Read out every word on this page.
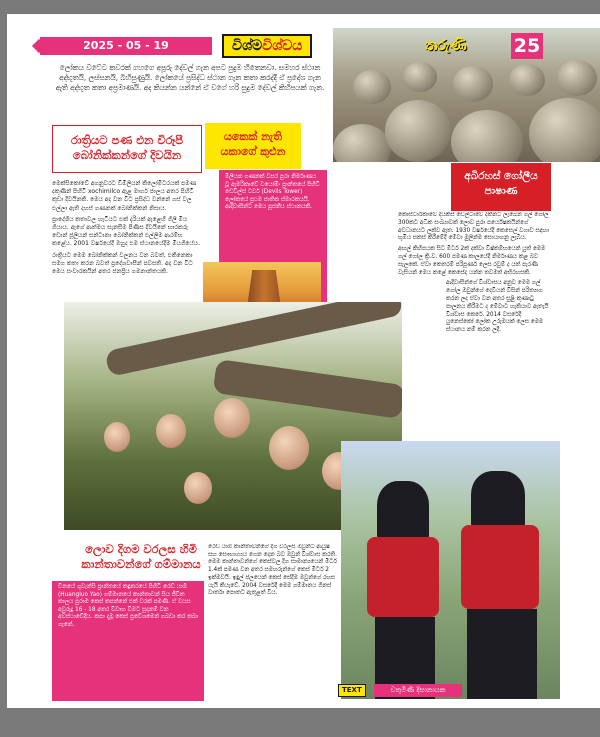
2025 - 05 - 19	විශ්මවිශ්වය	තරුණි 25
ලෝකය වටේට කවරක් ගහගෙ අපූරු දේවල් ගැන අපට පුදුම හිතෙනවා. සමහර ස්ථාන අද්භූතයි, ලස්සනයි, බිහිසුණුයි. ලෝකයේ ප්‍රසිද්ධ ස්ථාන ගැන කතා කරද්දී ඒ ප්‍රදේශ ගැන ඇති අද්භූත කතා අප්‍රමාණයි. අද කියන්න යන්නේ ඒ වගේ හරි සුදුම දේවල් කිහිපයක් ගැන.
රාත්‍රියට පණ එන විරූපී බෝනික්කන්ගේ දිවයින

මෙක්සිකෝවේ අගනුවරට ඩිමිලියන් කිලෝමීටරයක් පමණ දකුණින් පිහිටි xochimilco ඇළ මාර්ග ජාලය අතර පිහිටි කුඩා දිවයිනකි. මෙය අද වන විට ප්‍රසිද්ධ වන්නේ ගස් වල එල්ලා ඇති දහස් ගණනක් බෝනික්කන් නිසාය.

ප්‍රාදේශීය කතාවල හැටියට එක් දැරියක් ඇළෙහි ගිලී මිය ගියාය. ඇගේ ආත්මය සැනසීම පිණිස දිවයිනේ භාරකරු ඩොන් ජූලියන් සන්ටානා බෝනික්කන් එල්ලීම ආරම්භ කළේය. 2001 වර්ෂයේදී ඔහුද එම ස්ථානයේදීම මියගියේය.

රාත්‍රියට මෙම බෝනික්කන් චලනය වන බවත්, එකිනෙකා සමග කතා කරන බවත් ප්‍රදේශවාසීන් පවසති. අද වන විට මෙය සංචාරකයින් අතර ජනප්‍රිය ගමනාන්තයකි.

යකෙක් නැති යකාගේ කුළුන

මිලියන ගණනක් වසර පුරා නිර්මාණය වූ ඇමරිකාවේ වයෝමිං ප්‍රාන්තයේ පිහිටි ඩෙවිල්ස් ටවර් (Devils Tower) ලෝකයේ ප්‍රථම ජාතික ස්මාරකයයි. ආදිවාසීන්ට මෙය පූජනීය ස්ථානයකි.

අබිරහස් ගෝලීය පාෂාණ

කොස්ටාරිකාවේ දියකිස් ඩෙල්ටාවේ දක්නට ලැබෙන ගල් ගෝල 300කට අධික සංඛ්‍යාවක් ලොව පුරා පර්යේෂකයින්ගේ අවධානයට ලක්ව ඇත. 1930 වර්ෂයේදී කෙසෙල් වගාව සඳහා භූමිය සකස් කිරීමේදී මේවා මුලින්ම සොයාගනු ලැබීය.

අඟල් කිහිපයක සිට මීටර් 2ක් දක්වා විෂ්කම්භයෙන් යුත් මෙම ගල් ගෝල ක්‍රි.ව. 600 පමණ කාලයේදී නිර්මාණය කළ බව සැලකේ. ඒවා කෙතරම් පරිපූර්ණ ලෙස රවුම් ද යත් පැරණි වැසියන් මෙය කළේ කෙසේද යන්න තවමත් අභිරහසකි.

ආදිවාසීන්ගේ විශ්වාසය අනුව මෙම ගල් ගෝල ඔවුන්ගේ දෙවියන් විසින් පරිත්‍යාග කරන ලද ඒවා වන අතර සුළි කුණාටු පාලනය කිරීමට ද මේවාට හැකියාව ඇතැයි විශ්වාස කෙරේ. 2014 වසරේදී යුනෙස්කෝ ලෝක උරුමයක් ලෙස මෙම ස්ථානය නම් කරන ලදී.

ලොව දිගම වරලස හිමි කාන්තාවන්ගේ ගම්මානය
චීනයේ ගුවැන්සි ප්‍රාන්තයේ කඳුකරයේ පිහිටි රෙඩ් යාඕ (Huangluo Yao) ගම්මානයේ කාන්තාවන් සිය ජීවිත කාලය පුරාම කෙස් කපන්නේ එක් වරක් පමණි. ඒ වයස අවුරුදු 16 - 18 අතර විවාහ වීමට සූදානම් වන අවස්ථාවේදීය. කපා දැමූ කෙස් ප්‍රවේශමෙන් ගබඩා කර තබා ගැනේ.
රෙඩ් යාඕ කාන්තාවන්ගේ දිග වරලස ඔවුන්ට ආයුෂ සහ සෞභාග්‍යය ගෙන දෙන බව ඔවුන් විශ්වාස කරති. මෙම කාන්තාවන්ගේ කෙස්වල දිග සාමාන්‍යයෙන් මීටර් 1.4ක් පමණ වන අතර සමහරුන්ගේ කෙස් මීටර් 2 ඉක්මවයි. ඉඳුල් ජලයෙන් කෙස් සේදීම ඔවුන්ගේ රහස යැයි කියැවේ. 2004 වසරේදී මෙම ගම්මානය ගිනස් වාර්තා පොතට ඇතුළත් විය.
TEXT	චතුමිණි දිසානායක
